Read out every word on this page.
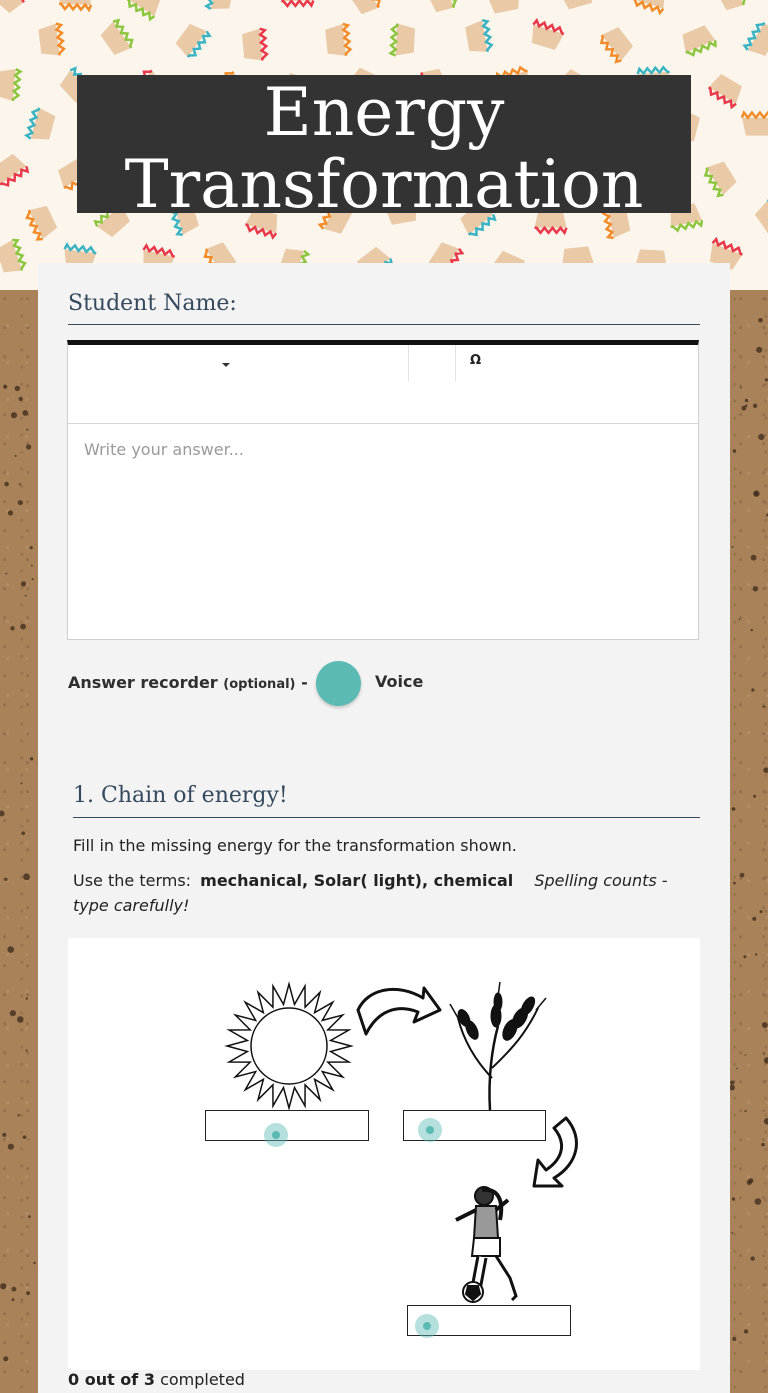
Energy
Transformation
Student Name:
Ω
Write your answer...
Answer recorder (optional) -	Voice
1. Chain of energy!
Fill in the missing energy for the transformation shown.
Use the terms: mechanical, Solar( light), chemical Spelling counts - type carefully!
0 out of 3 completed
